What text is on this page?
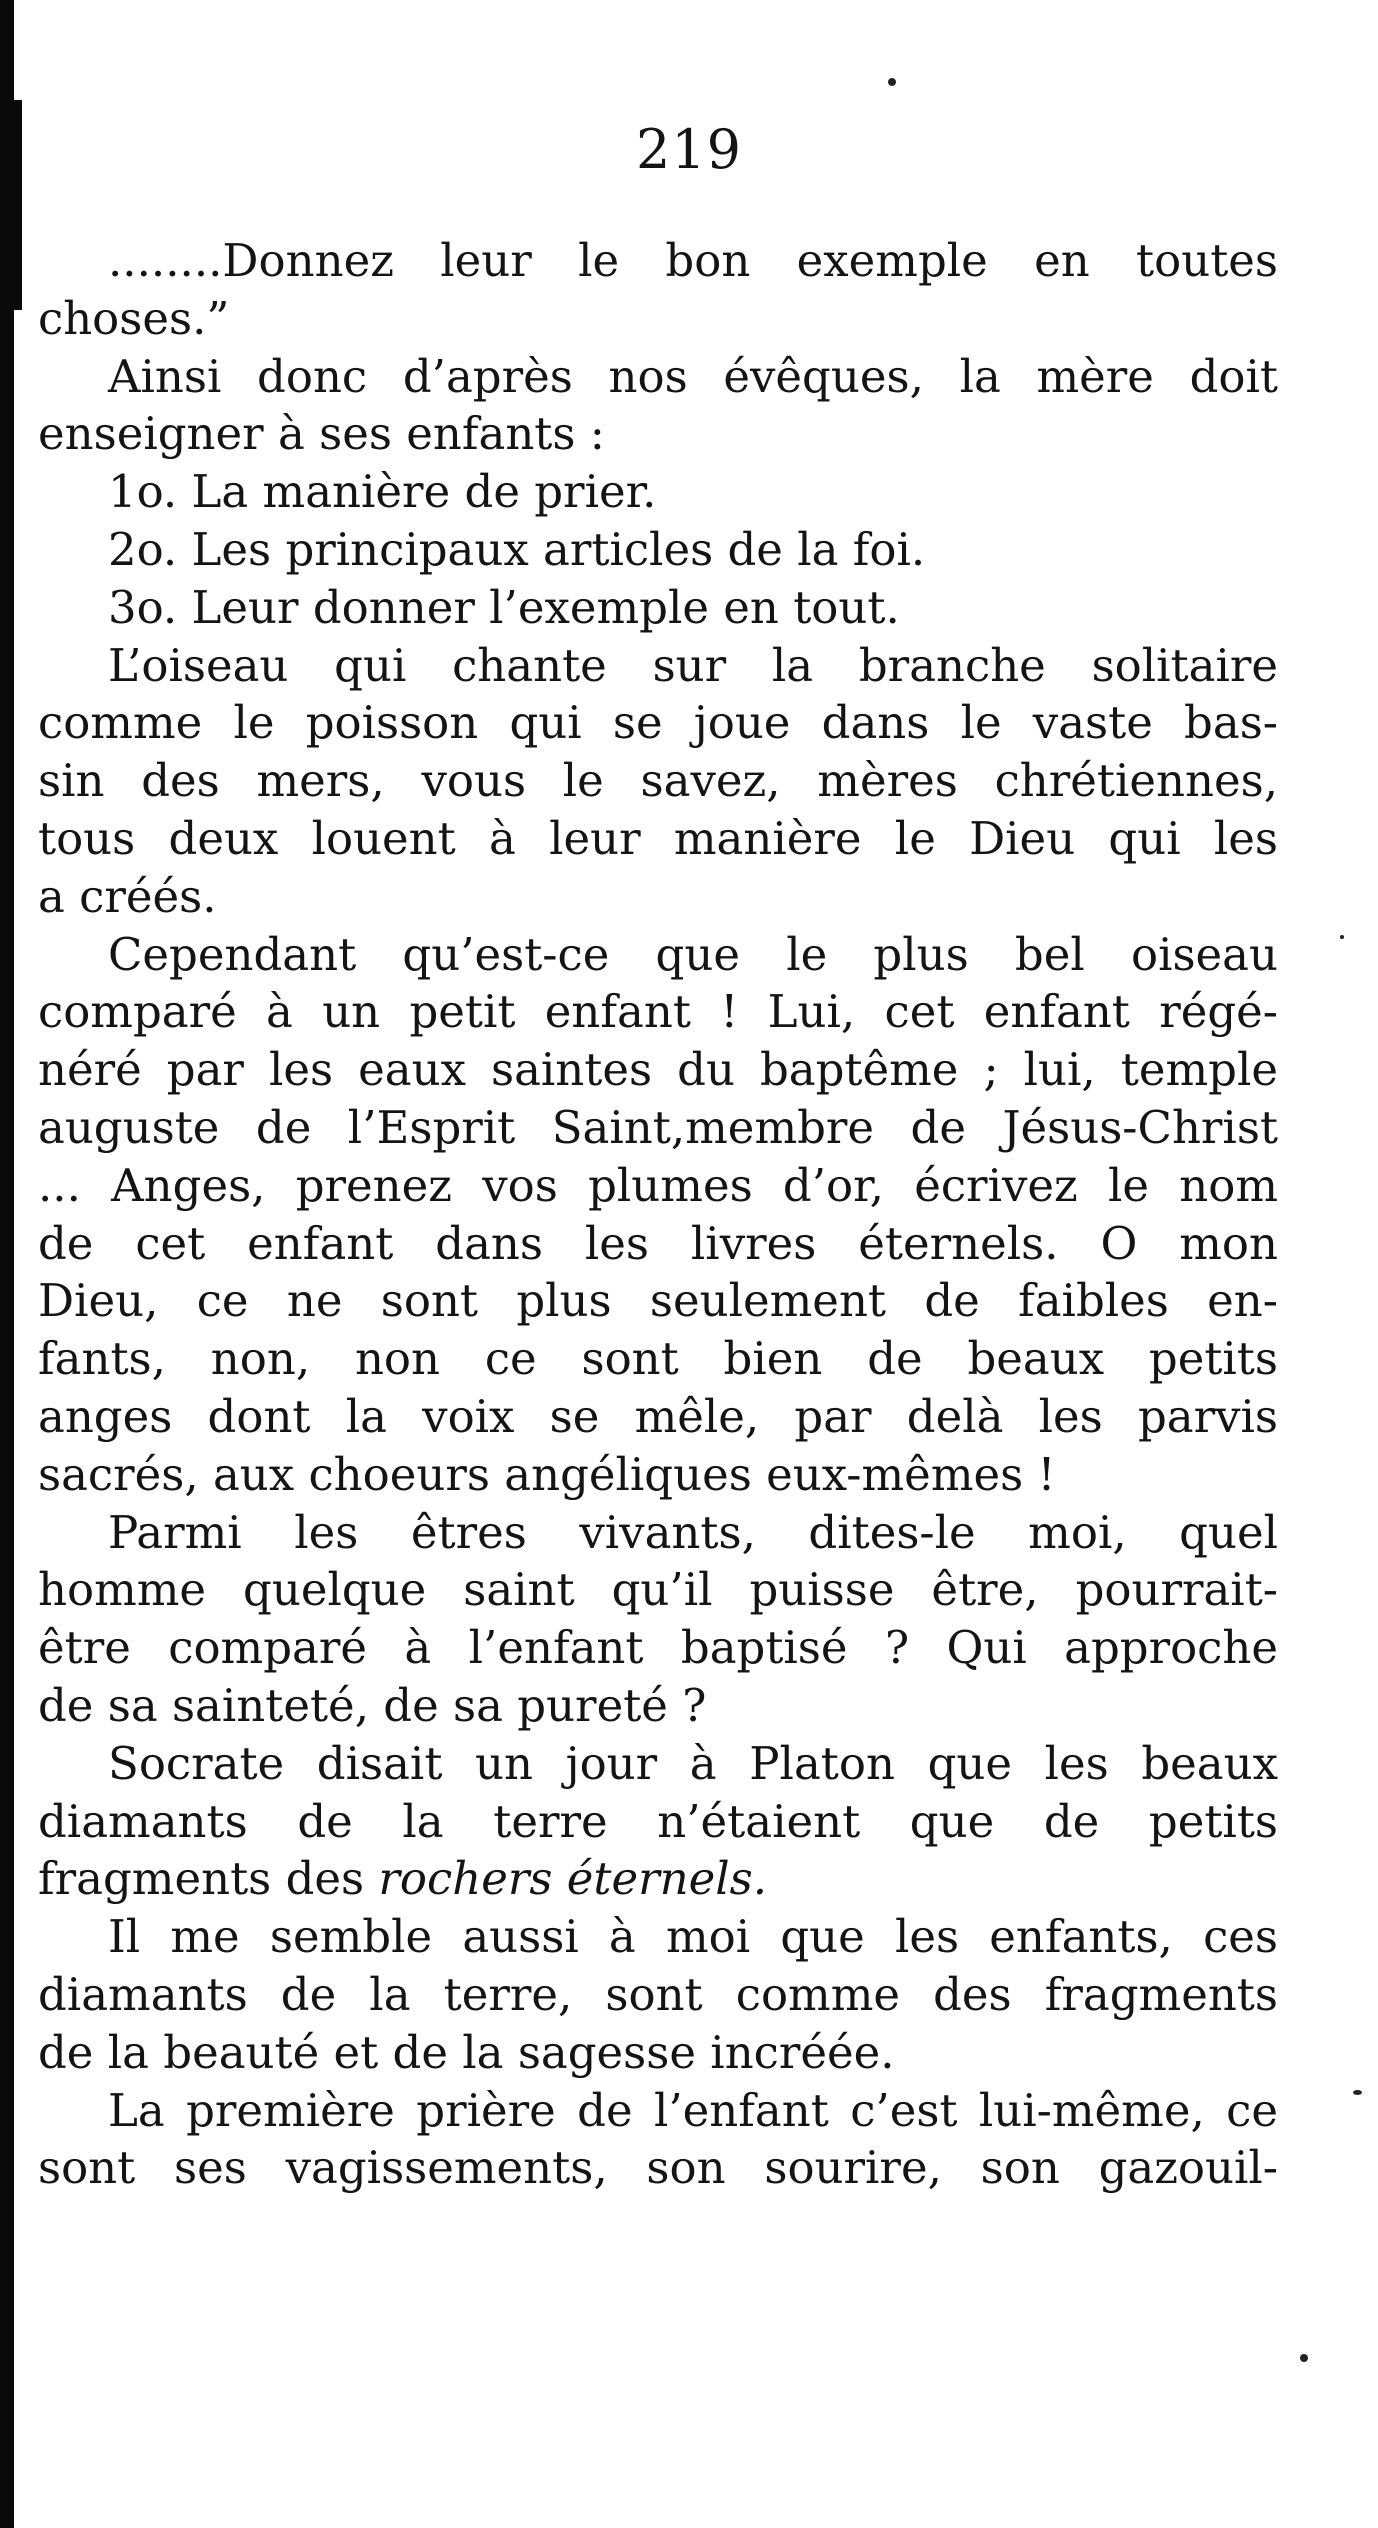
219
........Donnez leur le bon exemple en toutes
choses.”
Ainsi donc d’après nos évêques, la mère doit
enseigner à ses enfants :
1o. La manière de prier.
2o. Les principaux articles de la foi.
3o. Leur donner l’exemple en tout.
L’oiseau qui chante sur la branche solitaire
comme le poisson qui se joue dans le vaste bas-
sin des mers, vous le savez, mères chrétiennes,
tous deux louent à leur manière le Dieu qui les
a créés.
Cependant qu’est-ce que le plus bel oiseau
comparé à un petit enfant ! Lui, cet enfant régé-
néré par les eaux saintes du baptême ; lui, temple
auguste de l’Esprit Saint,membre de Jésus-Christ
... Anges, prenez vos plumes d’or, écrivez le nom
de cet enfant dans les livres éternels. O mon
Dieu, ce ne sont plus seulement de faibles en-
fants, non, non ce sont bien de beaux petits
anges dont la voix se mêle, par delà les parvis
sacrés, aux choeurs angéliques eux-mêmes !
Parmi les êtres vivants, dites-le moi, quel
homme quelque saint qu’il puisse être, pourrait-
être comparé à l’enfant baptisé ? Qui approche
de sa sainteté, de sa pureté ?
Socrate disait un jour à Platon que les beaux
diamants de la terre n’étaient que de petits
fragments des rochers éternels.
Il me semble aussi à moi que les enfants, ces
diamants de la terre, sont comme des fragments
de la beauté et de la sagesse incréée.
La première prière de l’enfant c’est lui-même, ce
sont ses vagissements, son sourire, son gazouil-
